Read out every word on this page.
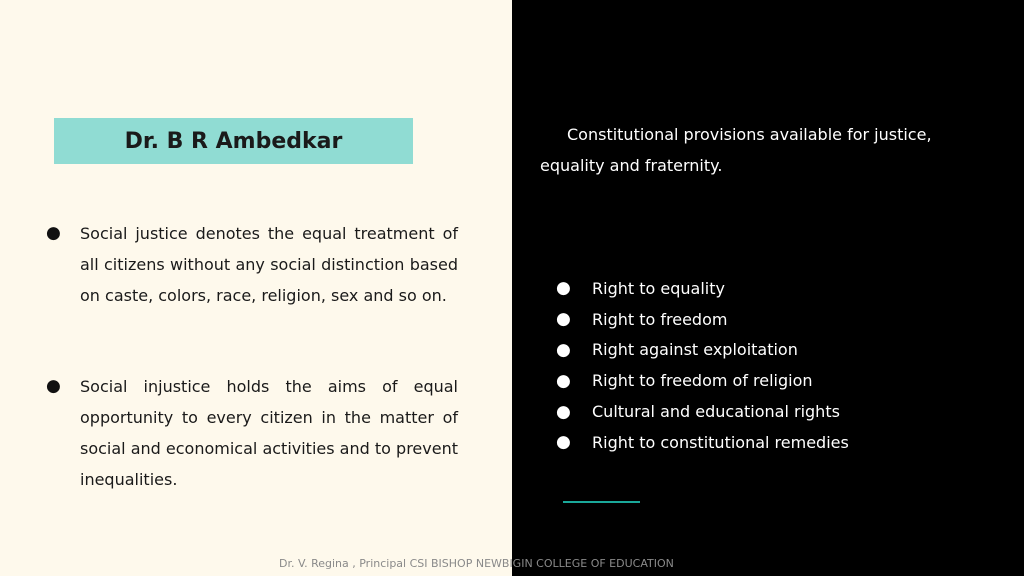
Dr. B R Ambedkar
●	Social justice denotes the equal treatment of all citizens without any social distinction based on caste, colors, race, religion, sex and so on.
●	Social injustice holds the aims of equal opportunity to every citizen in the matter of social and economical activities and to prevent inequalities.
Constitutional provisions available for justice, equality and fraternity.
●	Right to equality
●	Right to freedom
●	Right against exploitation
●	Right to freedom of religion
●	Cultural and educational rights
●	Right to constitutional remedies
Dr. V. Regina , Principal CSI BISHOP NEWBIGIN COLLEGE OF EDUCATION
